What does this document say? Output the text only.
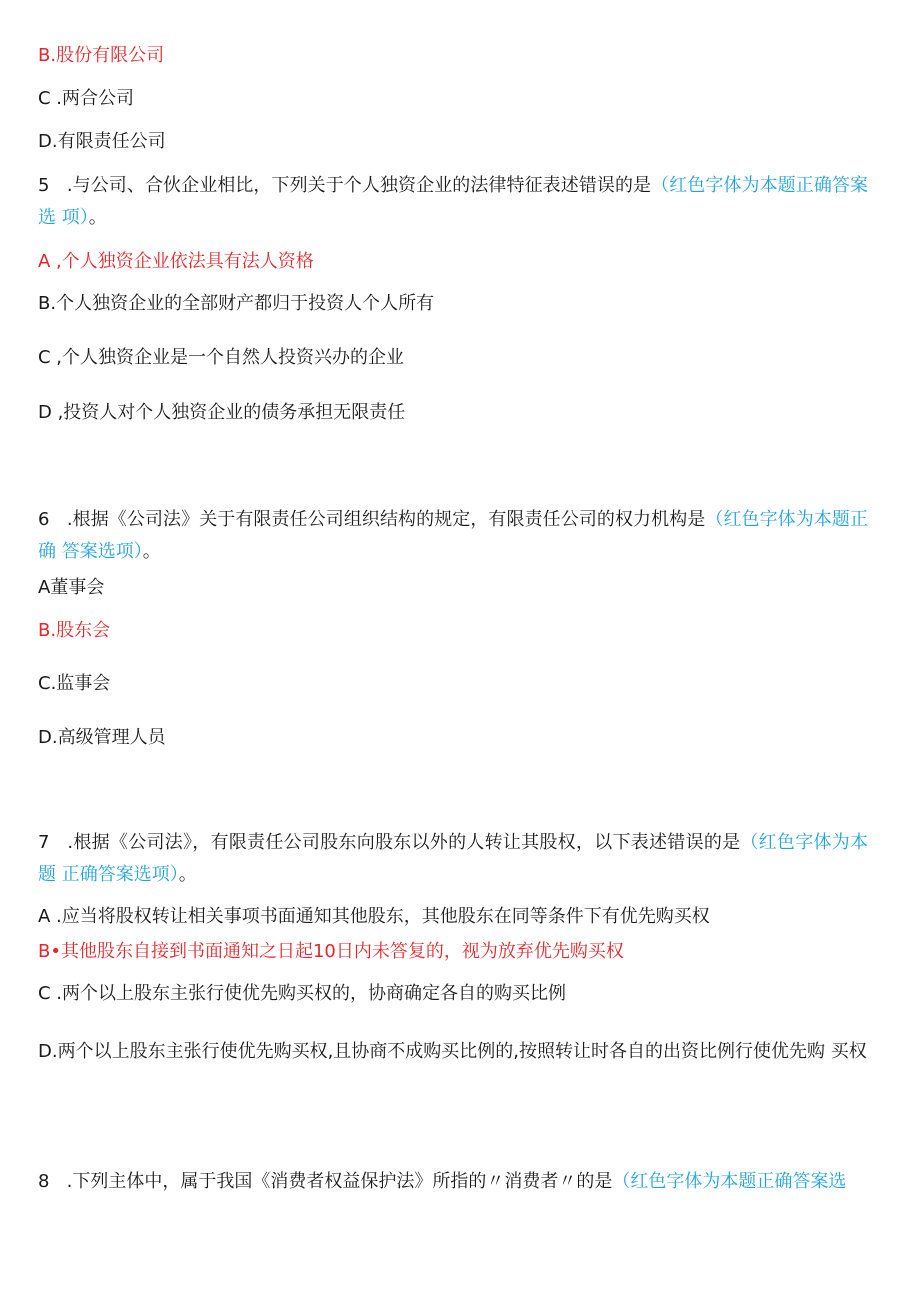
B.股份有限公司
C .两合公司
D.有限责任公司
5   .与公司、合伙企业相比，下列关于个人独资企业的法律特征表述错误的是（红色字体为本题正确答案选 项）。
A ,个人独资企业依法具有法人资格
B.个人独资企业的全部财产都归于投资人个人所有
C ,个人独资企业是一个自然人投资兴办的企业
D ,投资人对个人独资企业的债务承担无限责任
6   .根据《公司法》关于有限责任公司组织结构的规定，有限责任公司的权力机构是（红色字体为本题正确 答案选项）。
A董事会
B.股东会
C.监事会
D.高级管理人员
7   .根据《公司法》，有限责任公司股东向股东以外的人转让其股权，以下表述错误的是（红色字体为本题 正确答案选项）。
A .应当将股权转让相关事项书面通知其他股东，其他股东在同等条件下有优先购买权
B•其他股东自接到书面通知之日起10日内未答复的，视为放弃优先购买权
C .两个以上股东主张行使优先购买权的，协商确定各自的购买比例
D.两个以上股东主张行使优先购买权,且协商不成购买比例的,按照转让时各自的出资比例行使优先购 买权
8   .下列主体中，属于我国《消费者权益保护法》所指的〃消费者〃的是（红色字体为本题正确答案选
